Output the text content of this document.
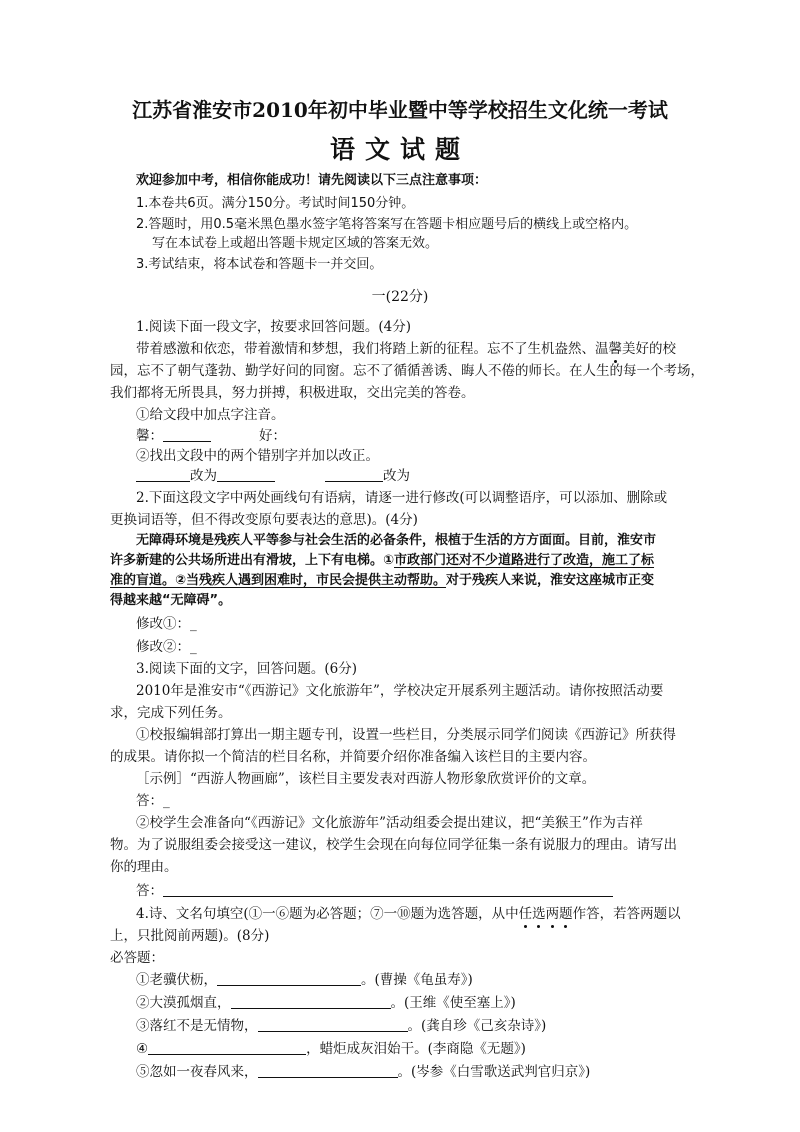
江苏省淮安市2010年初中毕业暨中等学校招生文化统一考试
语文试题
欢迎参加中考，相信你能成功！请先阅读以下三点注意事项：
1.本卷共6页。满分150分。考试时间150分钟。
2.答题时，用0.5毫米黑色墨水签字笔将答案写在答题卡相应题号后的横线上或空格内。
写在本试卷上或超出答题卡规定区域的答案无效。
3.考试结束，将本试卷和答题卡一并交回。
一(22分)
1.阅读下面一段文字，按要求回答问题。(4分)
带着感激和依恋，带着激情和梦想，我们将踏上新的征程。忘不了生机盎然、温馨美好的校
园，忘不了朝气蓬勃、勤学好问的同窗。忘不了循循善诱、晦人不倦的师长。在人生的每一个考场，
我们都将无所畏具，努力拼搏，积极进取，交出完美的答卷。
①给文段中加点字注音。
馨：	好：
②找出文段中的两个错别字并加以改正。
改为	改为
2.下面这段文字中两处画线句有语病，请逐一进行修改(可以调整语序，可以添加、删除或
更换词语等，但不得改变原句要表达的意思)。(4分)
无障碍环境是残疾人平等参与社会生活的必备条件，根植于生活的方方面面。目前，淮安市
许多新建的公共场所进出有滑坡，上下有电梯。①市政部门还对不少道路进行了改造，施工了标
准的盲道。②当残疾人遇到困难时，市民会提供主动帮助。对于残疾人来说，淮安这座城市正变
得越来越“无障碍”。
修改①：_
修改②：_
3.阅读下面的文字，回答问题。(6分)
2010年是淮安市“《西游记》文化旅游年”，学校决定开展系列主题活动。请你按照活动要
求，完成下列任务。
①校报编辑部打算出一期主题专刊，设置一些栏目，分类展示同学们阅读《西游记》所获得
的成果。请你拟一个简洁的栏目名称，并简要介绍你准备编入该栏目的主要内容。
［示例］“西游人物画廊”，该栏目主要发表对西游人物形象欣赏评价的文章。
答：_
②校学生会准备向“《西游记》文化旅游年”活动组委会提出建议，把“美猴王”作为吉祥
物。为了说服组委会接受这一建议，校学生会现在向每位同学征集一条有说服力的理由。请写出
你的理由。
答：
4.诗、文名句填空(①一⑥题为必答题；⑦一⑩题为选答题，从中任选两题作答，若答两题以
上，只批阅前两题)。(8分)
必答题：
①老骥伏枥，	。(曹操《龟虽寿》)
②大漠孤烟直，	。(王维《使至塞上》)
③落红不是无情物，	。(龚自珍《己亥杂诗》)
④	，蜡炬成灰泪始干。(李商隐《无题》)
⑤忽如一夜春风来，	。(岑参《白雪歌送武判官归京》)
